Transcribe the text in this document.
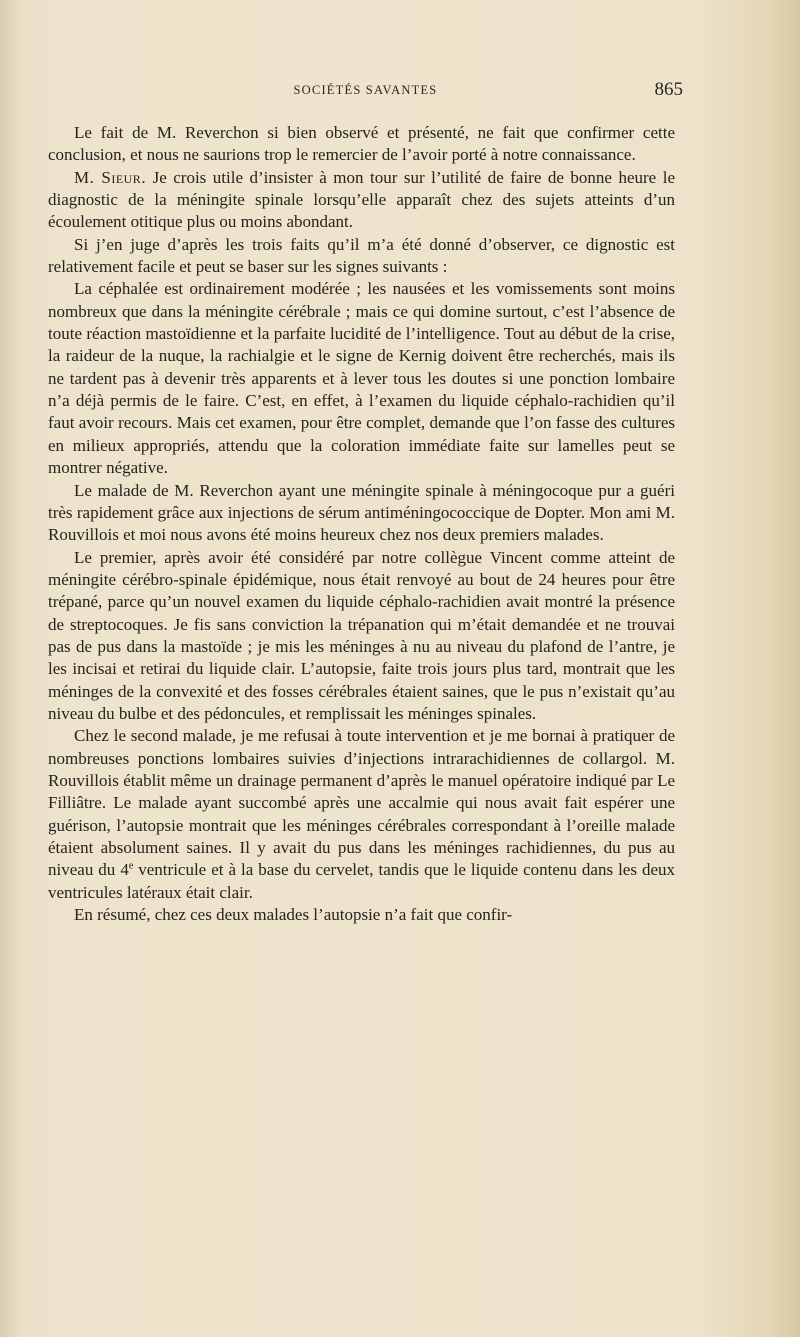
SOCIÉTÉS SAVANTES	865

Le fait de M. Reverchon si bien observé et présenté, ne fait que confirmer cette conclusion, et nous ne saurions trop le remercier de l’avoir porté à notre connaissance.

M. Sieur. Je crois utile d’insister à mon tour sur l’utilité de faire de bonne heure le diagnostic de la méningite spinale lorsqu’elle apparaît chez des sujets atteints d’un écoulement otitique plus ou moins abondant.

Si j’en juge d’après les trois faits qu’il m’a été donné d’observer, ce dignostic est relativement facile et peut se baser sur les signes suivants :

La céphalée est ordinairement modérée ; les nausées et les vomissements sont moins nombreux que dans la méningite cérébrale ; mais ce qui domine surtout, c’est l’absence de toute réaction mastoïdienne et la parfaite lucidité de l’intelligence. Tout au début de la crise, la raideur de la nuque, la rachialgie et le signe de Kernig doivent être recherchés, mais ils ne tardent pas à devenir très apparents et à lever tous les doutes si une ponction lombaire n’a déjà permis de le faire. C’est, en effet, à l’examen du liquide céphalo-rachidien qu’il faut avoir recours. Mais cet examen, pour être complet, demande que l’on fasse des cultures en milieux appropriés, attendu que la coloration immédiate faite sur lamelles peut se montrer négative.

Le malade de M. Reverchon ayant une méningite spinale à méningocoque pur a guéri très rapidement grâce aux injections de sérum antiméningococcique de Dopter. Mon ami M. Rouvillois et moi nous avons été moins heureux chez nos deux premiers malades.

Le premier, après avoir été considéré par notre collègue Vincent comme atteint de méningite cérébro-spinale épidémique, nous était renvoyé au bout de 24 heures pour être trépané, parce qu’un nouvel examen du liquide céphalo-rachidien avait montré la présence de streptocoques. Je fis sans conviction la trépanation qui m’était demandée et ne trouvai pas de pus dans la mastoïde ; je mis les méninges à nu au niveau du plafond de l’antre, je les incisai et retirai du liquide clair. L’autopsie, faite trois jours plus tard, montrait que les méninges de la convexité et des fosses cérébrales étaient saines, que le pus n’existait qu’au niveau du bulbe et des pédoncules, et remplissait les méninges spinales.

Chez le second malade, je me refusai à toute intervention et je me bornai à pratiquer de nombreuses ponctions lombaires suivies d’injections intrarachidiennes de collargol. M. Rouvillois établit même un drainage permanent d’après le manuel opératoire indiqué par Le Filliâtre. Le malade ayant succombé après une accalmie qui nous avait fait espérer une guérison, l’autopsie montrait que les méninges cérébrales correspondant à l’oreille malade étaient absolument saines. Il y avait du pus dans les méninges rachidiennes, du pus au niveau du 4e ventricule et à la base du cervelet, tandis que le liquide contenu dans les deux ventricules latéraux était clair.

En résumé, chez ces deux malades l’autopsie n’a fait que confir-
